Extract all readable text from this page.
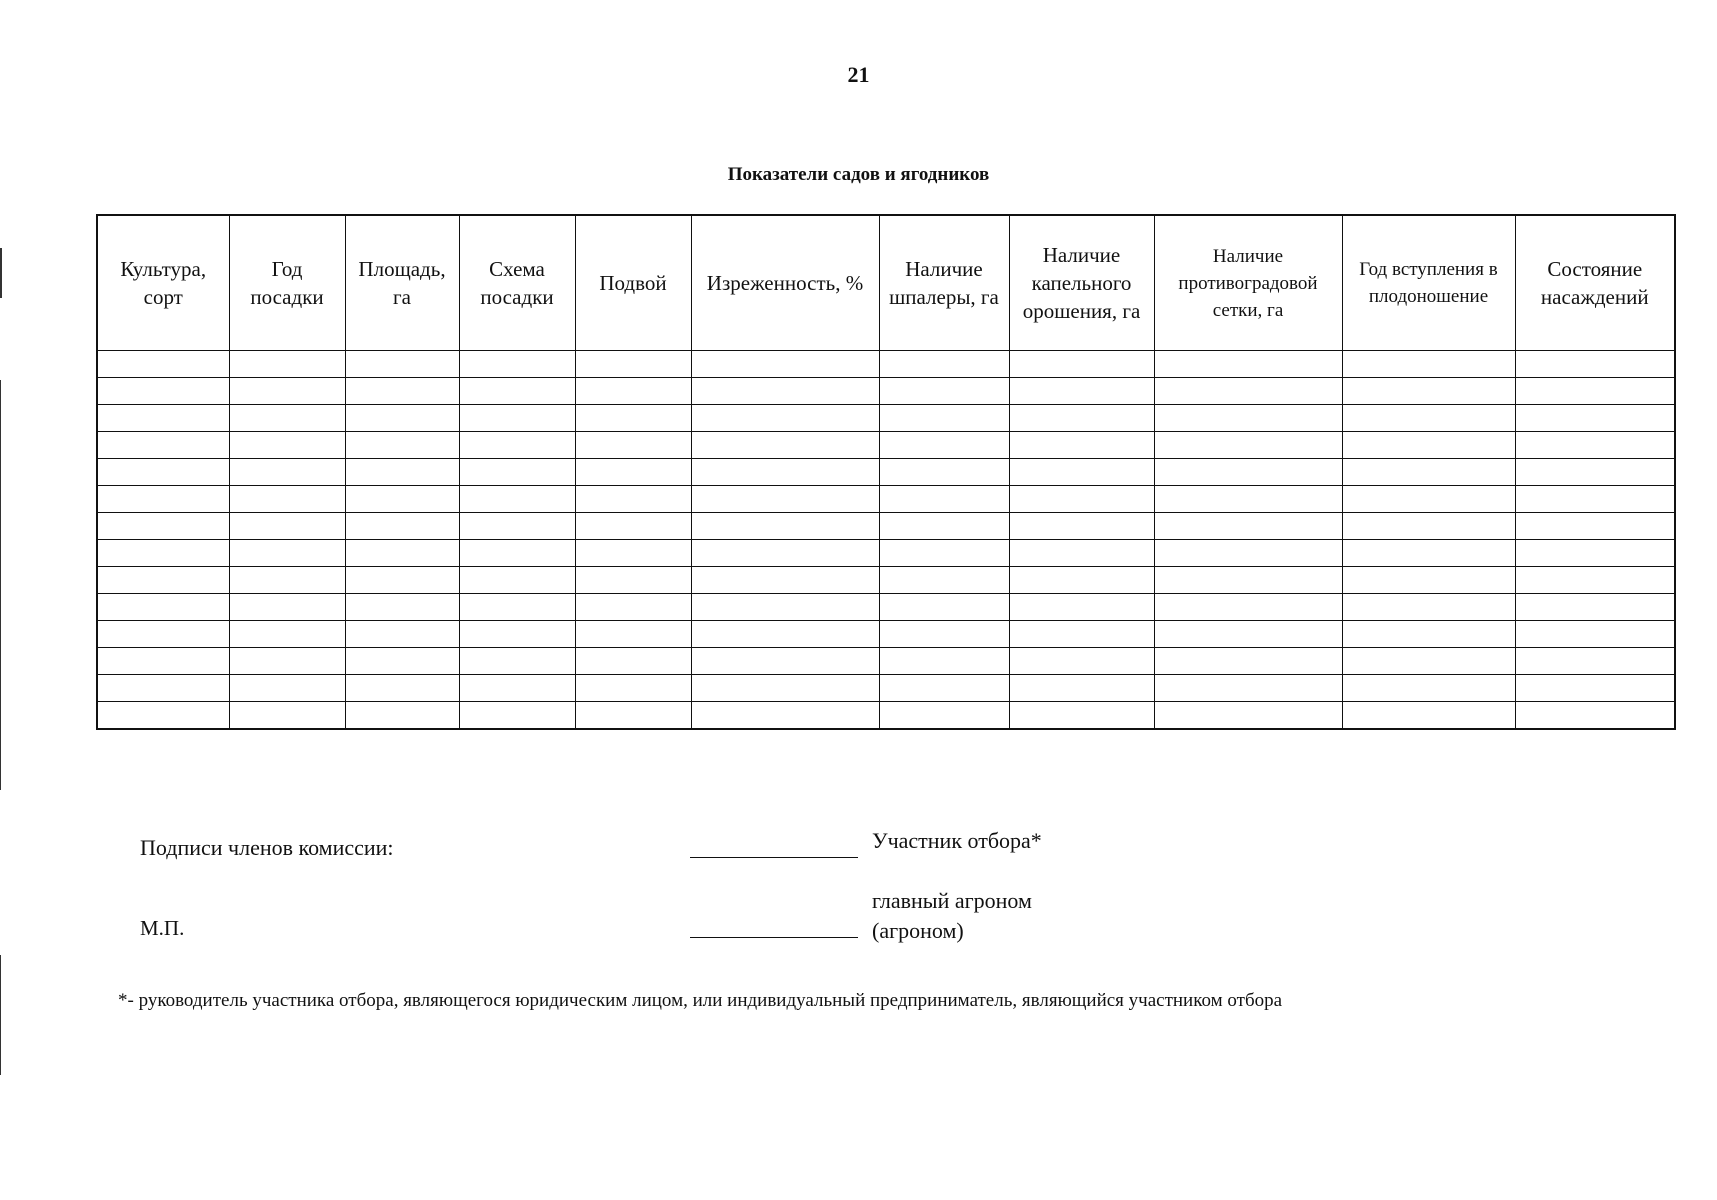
21
Показатели садов и ягодников
Культура, сорт	Год посадки	Площадь, га	Схема посадки	Подвой	Изреженность, %	Наличие шпалеры, га	Наличие капельного орошения, га	Наличие противоградовой сетки, га	Год вступления в плодоношение	Состояние насаждений

Подписи членов комиссии:
М.П.
Участник отбора*
главный агроном
(агроном)
*- руководитель участника отбора, являющегося юридическим лицом, или индивидуальный предприниматель, являющийся участником отбора
